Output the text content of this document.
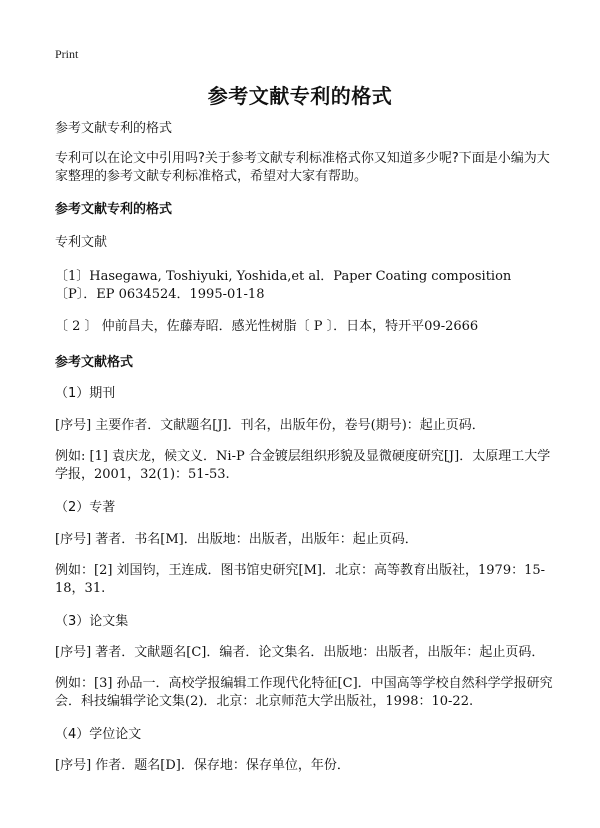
Print
参考文献专利的格式

参考文献专利的格式

专利可以在论文中引用吗?关于参考文献专利标准格式你又知道多少呢?下面是小编为大家整理的参考文献专利标准格式，希望对大家有帮助。

参考文献专利的格式

专利文献

〔1〕Hasegawa, Toshiyuki, Yoshida,et al．Paper Coating composition 〔P〕．EP 0634524．1995-01-18

〔 2 〕 仲前昌夫，佐藤寿昭．感光性树脂〔 P 〕．日本，特开平09-2666

参考文献格式

（1）期刊

[序号] 主要作者．文献题名[J]．刊名，出版年份，卷号(期号)：起止页码．

例如: [1] 袁庆龙，候文义．Ni-P 合金镀层组织形貌及显微硬度研究[J]．太原理工大学学报，2001，32(1)：51-53.

（2）专著

[序号] 著者．书名[M]．出版地：出版者，出版年：起止页码．

例如：[2] 刘国钧，王连成．图书馆史研究[M]．北京：高等教育出版社，1979：15-18，31.

（3）论文集

[序号] 著者．文献题名[C]．编者．论文集名．出版地：出版者，出版年：起止页码．

例如：[3] 孙品一．高校学报编辑工作现代化特征[C]．中国高等学校自然科学学报研究会．科技编辑学论文集(2)．北京：北京师范大学出版社，1998：10-22.

（4）学位论文

[序号] 作者．题名[D]．保存地：保存单位，年份．
